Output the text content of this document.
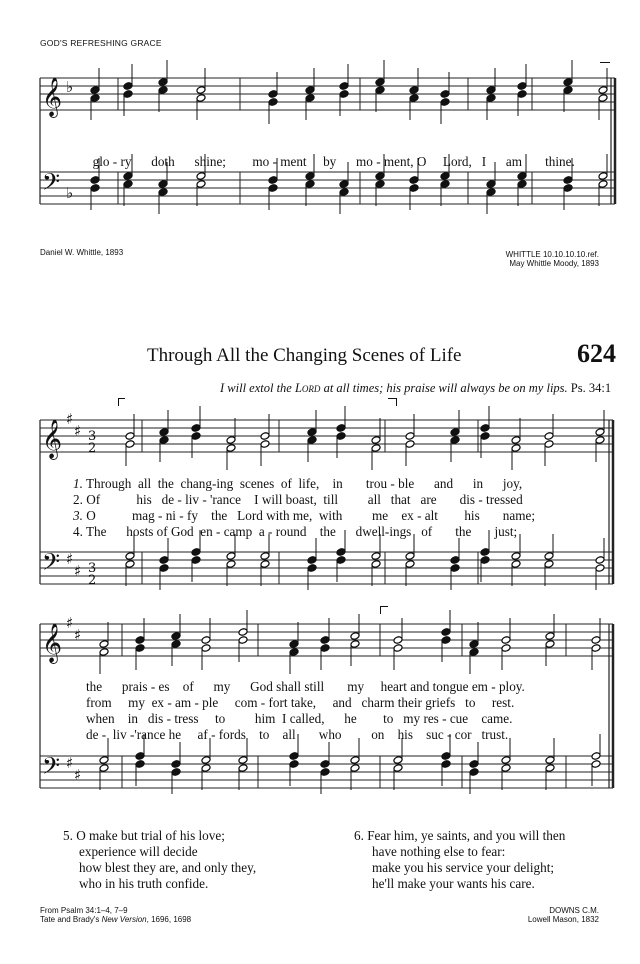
GOD'S REFRESHING GRACE
𝄞
𝄢
♭
♭
𝄞
𝄢
♯
♯
♯
♯
3
2
3
2
𝄞
𝄢
♯
♯
♯
♯

glo - ry doth shine; mo - ment by mo - ment, O Lord, I am thine.

Daniel W. Whittle, 1893	WHITTLE 10.10.10.10.ref.
May Whittle Moody, 1893
Through All the Changing Scenes of Life	624
I will extol the Lord at all times; his praise will always be on my lips. Ps. 34:1
1. Through all the chang-ing scenes of life, in trou - ble and in joy,
2. Of	his de - liv - 'rance I will boast, till all that are dis - tressed
3. O	mag - ni - fy the Lord with me, with me ex - alt his name;
4. The hosts of God en - camp a - round the dwell-ings of the just;
the prais - es of my God shall still my heart and tongue em - ploy.
from my ex - am - ple com - fort take, and charm their griefs to rest.
when in dis - tress to him I called, he to my res - cue came.
de - liv -'rance he af - fords to all who on his suc - cor trust.
5. O make but trial of his love;
experience will decide
how blest they are, and only they,
who in his truth confide.
6. Fear him, ye saints, and you will then
have nothing else to fear:
make you his service your delight;
he'll make your wants his care.
From Psalm 34:1–4, 7–9
Tate and Brady's New Version, 1696, 1698
DOWNS C.M.
Lowell Mason, 1832
